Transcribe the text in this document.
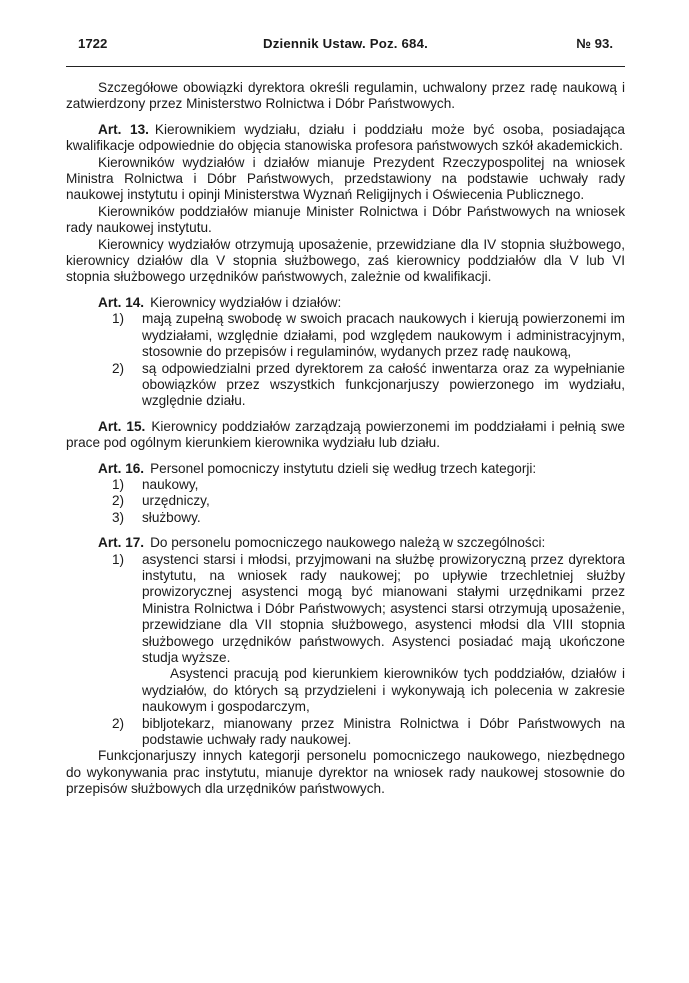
1722	Dziennik Ustaw. Poz. 684.	№ 93.

Szczegółowe obowiązki dyrektora określi regulamin, uchwalony przez radę naukową i zatwierdzony przez Ministerstwo Rolnictwa i Dóbr Państwowych.

Art. 13. Kierownikiem wydziału, działu i poddziału może być osoba, posiadająca kwalifikacje odpowiednie do objęcia stanowiska profesora państwowych szkół akademickich.

Kierowników wydziałów i działów mianuje Prezydent Rzeczypospolitej na wniosek Ministra Rolnictwa i Dóbr Państwowych, przedstawiony na podstawie uchwały rady naukowej instytutu i opinji Ministerstwa Wyznań Religijnych i Oświecenia Publicznego.

Kierowników poddziałów mianuje Minister Rolnictwa i Dóbr Państwowych na wniosek rady naukowej instytutu.

Kierownicy wydziałów otrzymują uposażenie, przewidziane dla IV stopnia służbowego, kierownicy działów dla V stopnia służbowego, zaś kierownicy poddziałów dla V lub VI stopnia służbowego urzędników państwowych, zależnie od kwalifikacji.

Art. 14. Kierownicy wydziałów i działów:

1)	mają zupełną swobodę w swoich pracach naukowych i kierują powierzonemi im wydziałami, względnie działami, pod względem naukowym i administracyjnym, stosownie do przepisów i regulaminów, wydanych przez radę naukową,
2)	są odpowiedzialni przed dyrektorem za całość inwentarza oraz za wypełnianie obowiązków przez wszystkich funkcjonarjuszy powierzonego im wydziału, względnie działu.

Art. 15. Kierownicy poddziałów zarządzają powierzonemi im poddziałami i pełnią swe prace pod ogólnym kierunkiem kierownika wydziału lub działu.

Art. 16. Personel pomocniczy instytutu dzieli się według trzech kategorji:

1)	naukowy,
2)	urzędniczy,
3)	służbowy.

Art. 17. Do personelu pomocniczego naukowego należą w szczególności:

1)	asystenci starsi i młodsi, przyjmowani na służbę prowizoryczną przez dyrektora instytutu, na wniosek rady naukowej; po upływie trzechletniej służby prowizorycznej asystenci mogą być mianowani stałymi urzędnikami przez Ministra Rolnictwa i Dóbr Państwowych; asystenci starsi otrzymują uposażenie, przewidziane dla VII stopnia służbowego, asystenci młodsi dla VIII stopnia służbowego urzędników państwowych. Asystenci posiadać mają ukończone studja wyższe.
Asystenci pracują pod kierunkiem kierowników tych poddziałów, działów i wydziałów, do których są przydzieleni i wykonywają ich polecenia w zakresie naukowym i gospodarczym,
2)	bibljotekarz, mianowany przez Ministra Rolnictwa i Dóbr Państwowych na podstawie uchwały rady naukowej.

Funkcjonarjuszy innych kategorji personelu pomocniczego naukowego, niezbędnego do wykonywania prac instytutu, mianuje dyrektor na wniosek rady naukowej stosownie do przepisów służbowych dla urzędników państwowych.
